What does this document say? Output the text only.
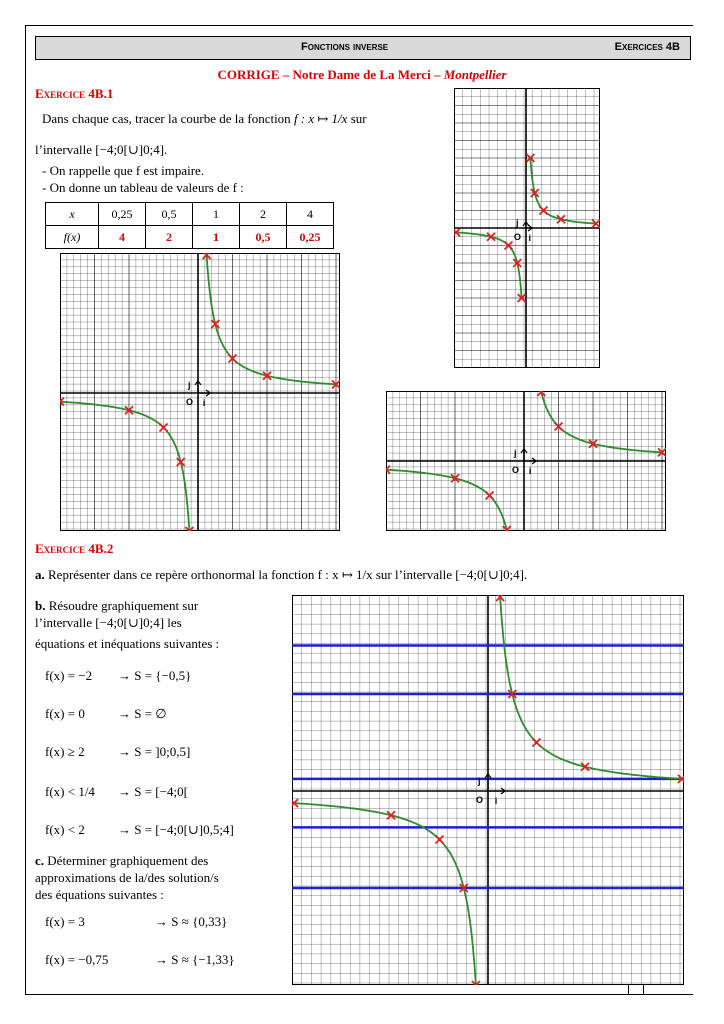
Fonctions inverse	Exercices 4B
CORRIGE – Notre Dame de La Merci – Montpellier
Exercice 4B.1
Dans chaque cas, tracer la courbe de la fonction f : x ↦ 1/x sur
l’intervalle [−4;0[∪]0;4].
- On rappelle que f est impaire.
- On donne un tableau de valeurs de f :
x	0,25	0,5	1	2	4
f(x)	4	2	1	0,5	0,25
O i
j
O i
j
O i
j
O i
j
Exercice 4B.2
a. Représenter dans ce repère orthonormal la fonction f : x ↦ 1/x sur l’intervalle [−4;0[∪]0;4].
b. Résoudre graphiquement sur
l’intervalle [−4;0[∪]0;4] les
équations et inéquations suivantes :
f(x) = −2 → S = {−0,5}
f(x) = 0	→ S = ∅
f(x) ≥ 2	→ S = ]0;0,5]
f(x) < 1/4 → S = [−4;0[
f(x) < 2	→ S = [−4;0[∪]0,5;4]
c. Déterminer graphiquement des
approximations de la/des solution/s
des équations suivantes :
f(x) = 3	→ S ≈ {0,33}
f(x) = −0,75	→ S ≈ {−1,33}
